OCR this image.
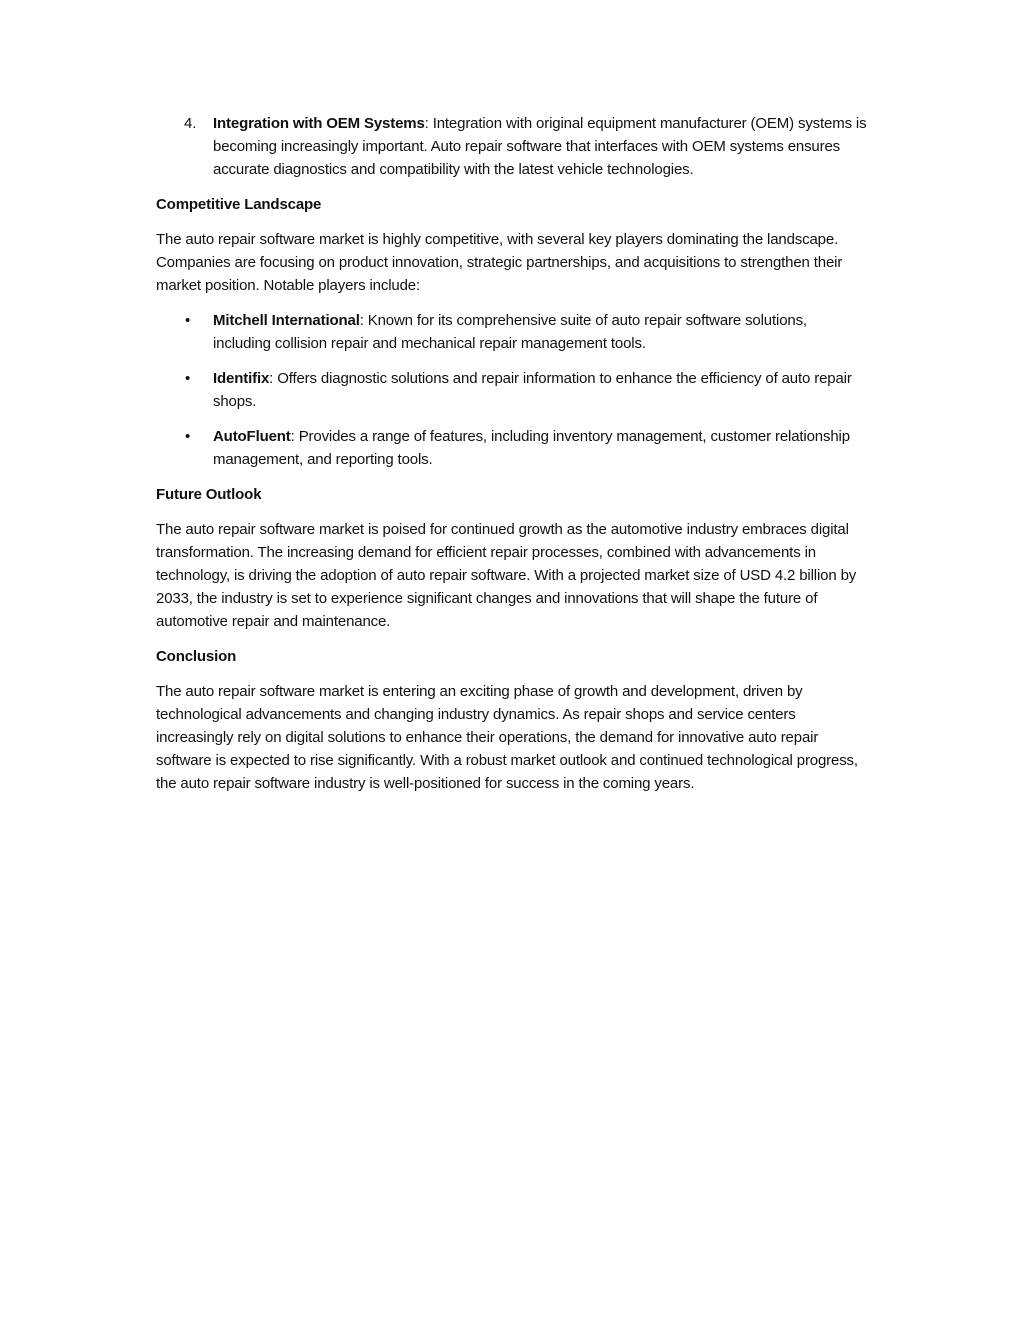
4. Integration with OEM Systems: Integration with original equipment manufacturer (OEM) systems is becoming increasingly important. Auto repair software that interfaces with OEM systems ensures accurate diagnostics and compatibility with the latest vehicle technologies.

Competitive Landscape

The auto repair software market is highly competitive, with several key players dominating the landscape. Companies are focusing on product innovation, strategic partnerships, and acquisitions to strengthen their market position. Notable players include:

• Mitchell International: Known for its comprehensive suite of auto repair software solutions, including collision repair and mechanical repair management tools.

• Identifix: Offers diagnostic solutions and repair information to enhance the efficiency of auto repair shops.

• AutoFluent: Provides a range of features, including inventory management, customer relationship management, and reporting tools.

Future Outlook

The auto repair software market is poised for continued growth as the automotive industry embraces digital transformation. The increasing demand for efficient repair processes, combined with advancements in technology, is driving the adoption of auto repair software. With a projected market size of USD 4.2 billion by 2033, the industry is set to experience significant changes and innovations that will shape the future of automotive repair and maintenance.

Conclusion

The auto repair software market is entering an exciting phase of growth and development, driven by technological advancements and changing industry dynamics. As repair shops and service centers increasingly rely on digital solutions to enhance their operations, the demand for innovative auto repair software is expected to rise significantly. With a robust market outlook and continued technological progress, the auto repair software industry is well-positioned for success in the coming years.
